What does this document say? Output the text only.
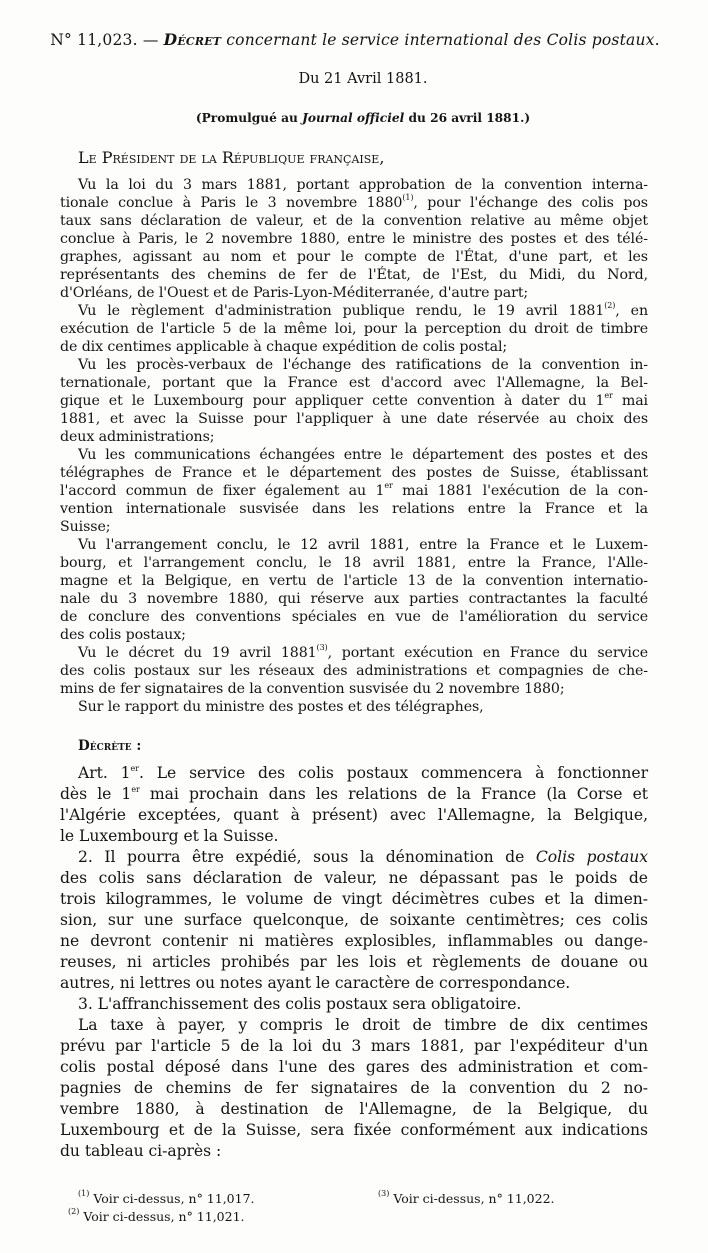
N° 11,023. — Décret concernant le service international des Colis postaux.
Du 21 Avril 1881.
(Promulgué au Journal officiel du 26 avril 1881.)
Le Président de la République française,
Vu la loi du 3 mars 1881, portant approbation de la convention interna-
tionale conclue à Paris le 3 novembre 1880$^{(1)}$, pour l'échange des colis pos
taux sans déclaration de valeur, et de la convention relative au même objet
conclue à Paris, le 2 novembre 1880, entre le ministre des postes et des télé-
graphes, agissant au nom et pour le compte de l'État, d'une part, et les
représentants des chemins de fer de l'État, de l'Est, du Midi, du Nord,
d'Orléans, de l'Ouest et de Paris-Lyon-Méditerranée, d'autre part;
Vu le règlement d'administration publique rendu, le 19 avril 1881$^{(2)}$, en
exécution de l'article 5 de la même loi, pour la perception du droit de timbre
de dix centimes applicable à chaque expédition de colis postal;
Vu les procès-verbaux de l'échange des ratifications de la convention in-
ternationale, portant que la France est d'accord avec l'Allemagne, la Bel-
gique et le Luxembourg pour appliquer cette convention à dater du 1er mai
1881, et avec la Suisse pour l'appliquer à une date réservée au choix des
deux administrations;
Vu les communications échangées entre le département des postes et des
télégraphes de France et le département des postes de Suisse, établissant
l'accord commun de fixer également au 1er mai 1881 l'exécution de la con-
vention internationale susvisée dans les relations entre la France et la
Suisse;
Vu l'arrangement conclu, le 12 avril 1881, entre la France et le Luxem-
bourg, et l'arrangement conclu, le 18 avril 1881, entre la France, l'Alle-
magne et la Belgique, en vertu de l'article 13 de la convention internatio-
nale du 3 novembre 1880, qui réserve aux parties contractantes la faculté
de conclure des conventions spéciales en vue de l'amélioration du service
des colis postaux;
Vu le décret du 19 avril 1881$^{(3)}$, portant exécution en France du service
des colis postaux sur les réseaux des administrations et compagnies de che-
mins de fer signataires de la convention susvisée du 2 novembre 1880;
Sur le rapport du ministre des postes et des télégraphes,
Décrète :
Art. 1er. Le service des colis postaux commencera à fonctionner
dès le 1er mai prochain dans les relations de la France (la Corse et
l'Algérie exceptées, quant à présent) avec l'Allemagne, la Belgique,
le Luxembourg et la Suisse.
2. Il pourra être expédié, sous la dénomination de Colis postaux
des colis sans déclaration de valeur, ne dépassant pas le poids de
trois kilogrammes, le volume de vingt décimètres cubes et la dimen-
sion, sur une surface quelconque, de soixante centimètres; ces colis
ne devront contenir ni matières explosibles, inflammables ou dange-
reuses, ni articles prohibés par les lois et règlements de douane ou
autres, ni lettres ou notes ayant le caractère de correspondance.
3. L'affranchissement des colis postaux sera obligatoire.
La taxe à payer, y compris le droit de timbre de dix centimes
prévu par l'article 5 de la loi du 3 mars 1881, par l'expéditeur d'un
colis postal déposé dans l'une des gares des administration et com-
pagnies de chemins de fer signataires de la convention du 2 no-
vembre 1880, à destination de l'Allemagne, de la Belgique, du
Luxembourg et de la Suisse, sera fixée conformément aux indications
du tableau ci-après :
$^{(1)}$ Voir ci-dessus, n° 11,017.
$^{(2)}$ Voir ci-dessus, n° 11,021.
$^{(3)}$ Voir ci-dessus, n° 11,022.
